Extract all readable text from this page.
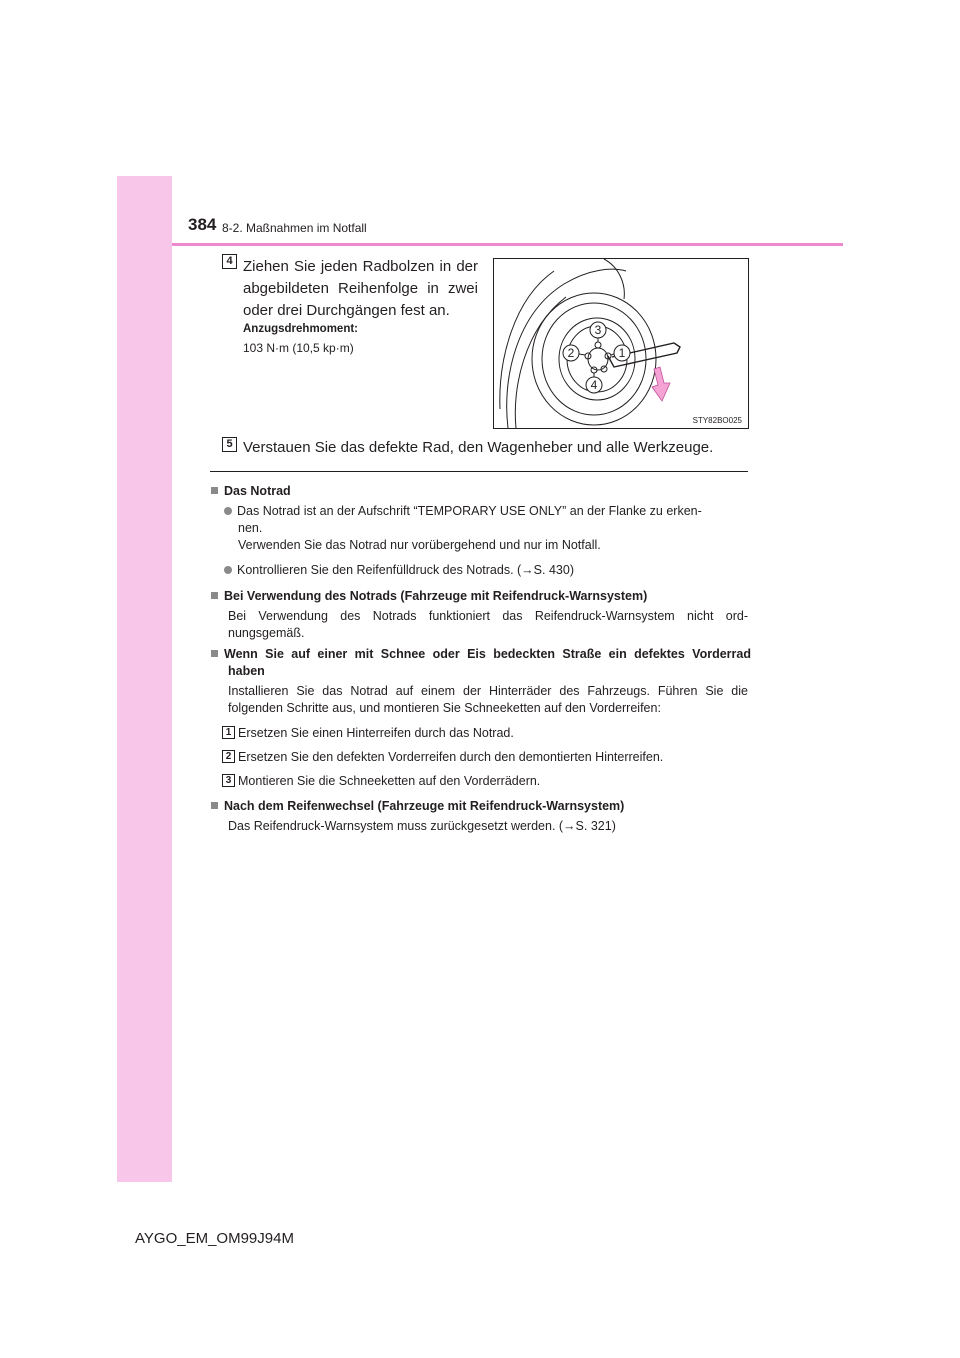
384 8-2. Maßnahmen im Notfall
4 Ziehen Sie jeden Radbolzen in der
abgebildeten Reihenfolge in zwei
oder drei Durchgängen fest an.
Anzugsdrehmoment:
103 N·m (10,5 kp·m)
3
2	1
4
STY82BO025
5 Verstauen Sie das defekte Rad, den Wagenheber und alle Werkzeuge.
Das Notrad
Das Notrad ist an der Aufschrift “TEMPORARY USE ONLY” an der Flanke zu erken-
nen.
Verwenden Sie das Notrad nur vorübergehend und nur im Notfall.
Kontrollieren Sie den Reifenfülldruck des Notrads. (→S. 430)
Bei Verwendung des Notrads (Fahrzeuge mit Reifendruck-Warnsystem)
Bei Verwendung des Notrads funktioniert das Reifendruck-Warnsystem nicht ord-
nungsgemäß.
Wenn Sie auf einer mit Schnee oder Eis bedeckten Straße ein defektes Vorderrad
haben
Installieren Sie das Notrad auf einem der Hinterräder des Fahrzeugs. Führen Sie die
folgenden Schritte aus, und montieren Sie Schneeketten auf den Vorderreifen:
1 Ersetzen Sie einen Hinterreifen durch das Notrad.
2 Ersetzen Sie den defekten Vorderreifen durch den demontierten Hinterreifen.
3 Montieren Sie die Schneeketten auf den Vorderrädern.
Nach dem Reifenwechsel (Fahrzeuge mit Reifendruck-Warnsystem)
Das Reifendruck-Warnsystem muss zurückgesetzt werden. (→S. 321)
AYGO_EM_OM99J94M
